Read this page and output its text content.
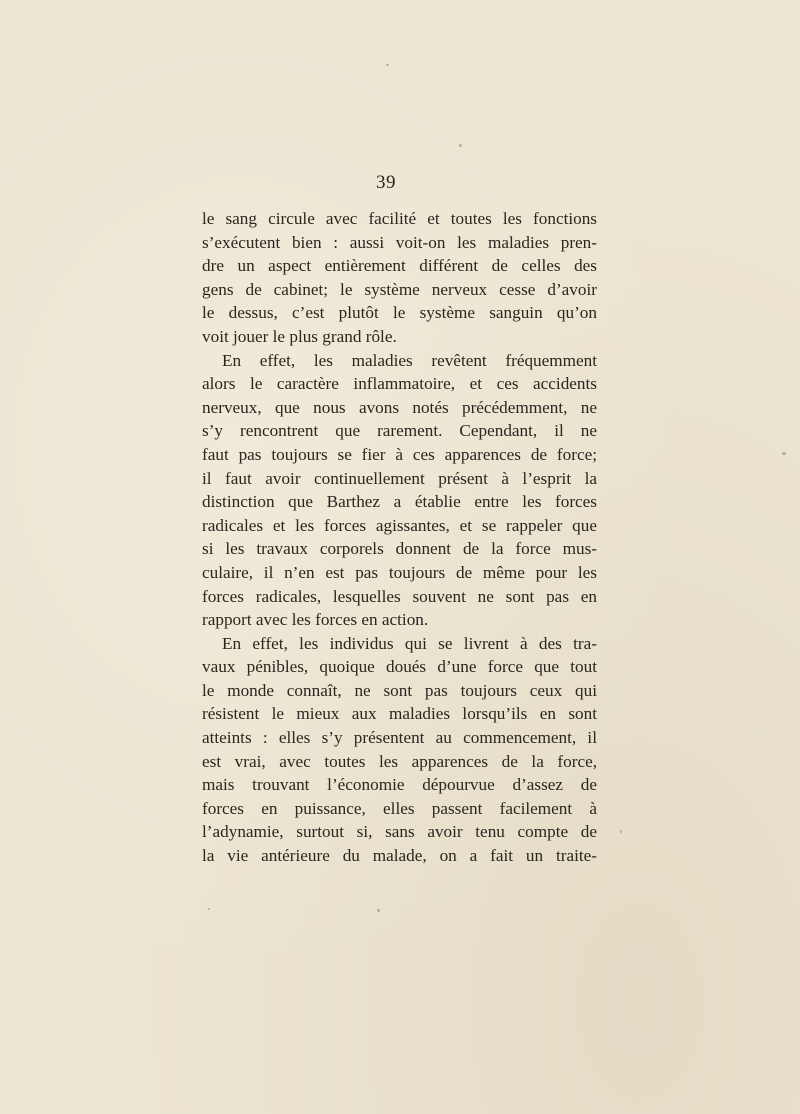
39
le sang circule avec facilité et toutes les fonctions
s’exécutent bien : aussi voit-on les maladies pren-
dre un aspect entièrement différent de celles des
gens de cabinet; le système nerveux cesse d’avoir
le dessus, c’est plutôt le système sanguin qu’on
voit jouer le plus grand rôle.
En effet, les maladies revêtent fréquemment
alors le caractère inflammatoire, et ces accidents
nerveux, que nous avons notés précédemment, ne
s’y rencontrent que rarement. Cependant, il ne
faut pas toujours se fier à ces apparences de force;
il faut avoir continuellement présent à l’esprit la
distinction que Barthez a établie entre les forces
radicales et les forces agissantes, et se rappeler que
si les travaux corporels donnent de la force mus-
culaire, il n’en est pas toujours de même pour les
forces radicales, lesquelles souvent ne sont pas en
rapport avec les forces en action.
En effet, les individus qui se livrent à des tra-
vaux pénibles, quoique doués d’une force que tout
le monde connaît, ne sont pas toujours ceux qui
résistent le mieux aux maladies lorsqu’ils en sont
atteints : elles s’y présentent au commencement, il
est vrai, avec toutes les apparences de la force,
mais trouvant l’économie dépourvue d’assez de
forces en puissance, elles passent facilement à
l’adynamie, surtout si, sans avoir tenu compte de
la vie antérieure du malade, on a fait un traite-
